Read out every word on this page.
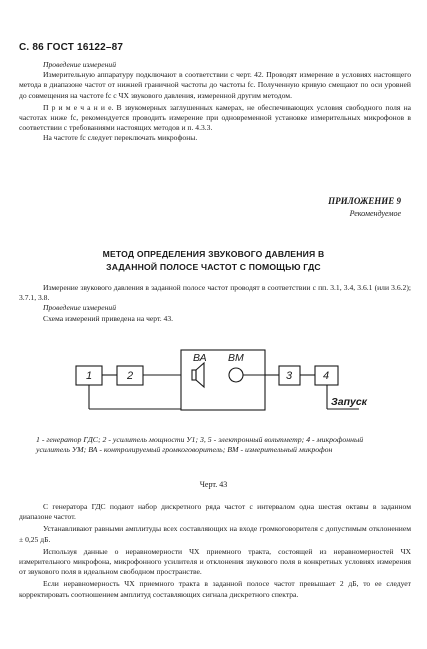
С. 86 ГОСТ 16122–87

Проведение измерений

Измерительную аппаратуру подключают в соответствии с черт. 42. Проводят измерение в условиях настоящего метода в диапазоне частот от нижней граничной частоты до частоты fc. Полученную кривую смещают по оси уровней до совмещения на частоте fc с ЧХ звукового давления, измеренной другим методом.

П р и м е ч а н и е. В звукомерных заглушенных камерах, не обеспечивающих условия свободного поля на частотах ниже fc, рекомендуется проводить измерение при одновременной установке измерительных микрофонов в соответствии с требованиями настоящих методов и п. 4.3.3.

На частоте fc следует переключать микрофоны.

ПРИЛОЖЕНИЕ 9
Рекомендуемое
МЕТОД ОПРЕДЕЛЕНИЯ ЗВУКОВОГО ДАВЛЕНИЯ В
ЗАДАННОЙ ПОЛОСЕ ЧАСТОТ С ПОМОЩЬЮ ГДС

Измерение звукового давления в заданной полосе частот проводят в соответствии с пп. 3.1, 3.4, 3.6.1 (или 3.6.2); 3.7.1, 3.8.

Проведение измерений

Схема измерений приведена на черт. 43.

1	2
ВА ВМ
3	4
Запуск
1 - генератор ГДС; 2 - усилитель мощности У1; 3, 5 - электронный вольтметр; 4 - микрофонный усилитель УМ; ВА - контролируемый громкоговоритель; ВМ - измерительный микрофон
Черт. 43

С генератора ГДС подают набор дискретного ряда частот с интервалом одна шестая октавы в заданном диапазоне частот.

Устанавливают равными амплитуды всех составляющих на входе громкоговорителя с допустимым отклонением ± 0,25 дБ.

Используя данные о неравномерности ЧХ приемного тракта, состоящей из неравномерностей ЧХ измерительного микрофона, микрофонного усилителя и отклонения звукового поля в конкретных условиях измерения от звукового поля в идеальном свободном пространстве.

Если неравномерность ЧХ приемного тракта в заданной полосе частот превышает 2 дБ, то ее следует корректировать соотношением амплитуд составляющих сигнала дискретного спектра.
